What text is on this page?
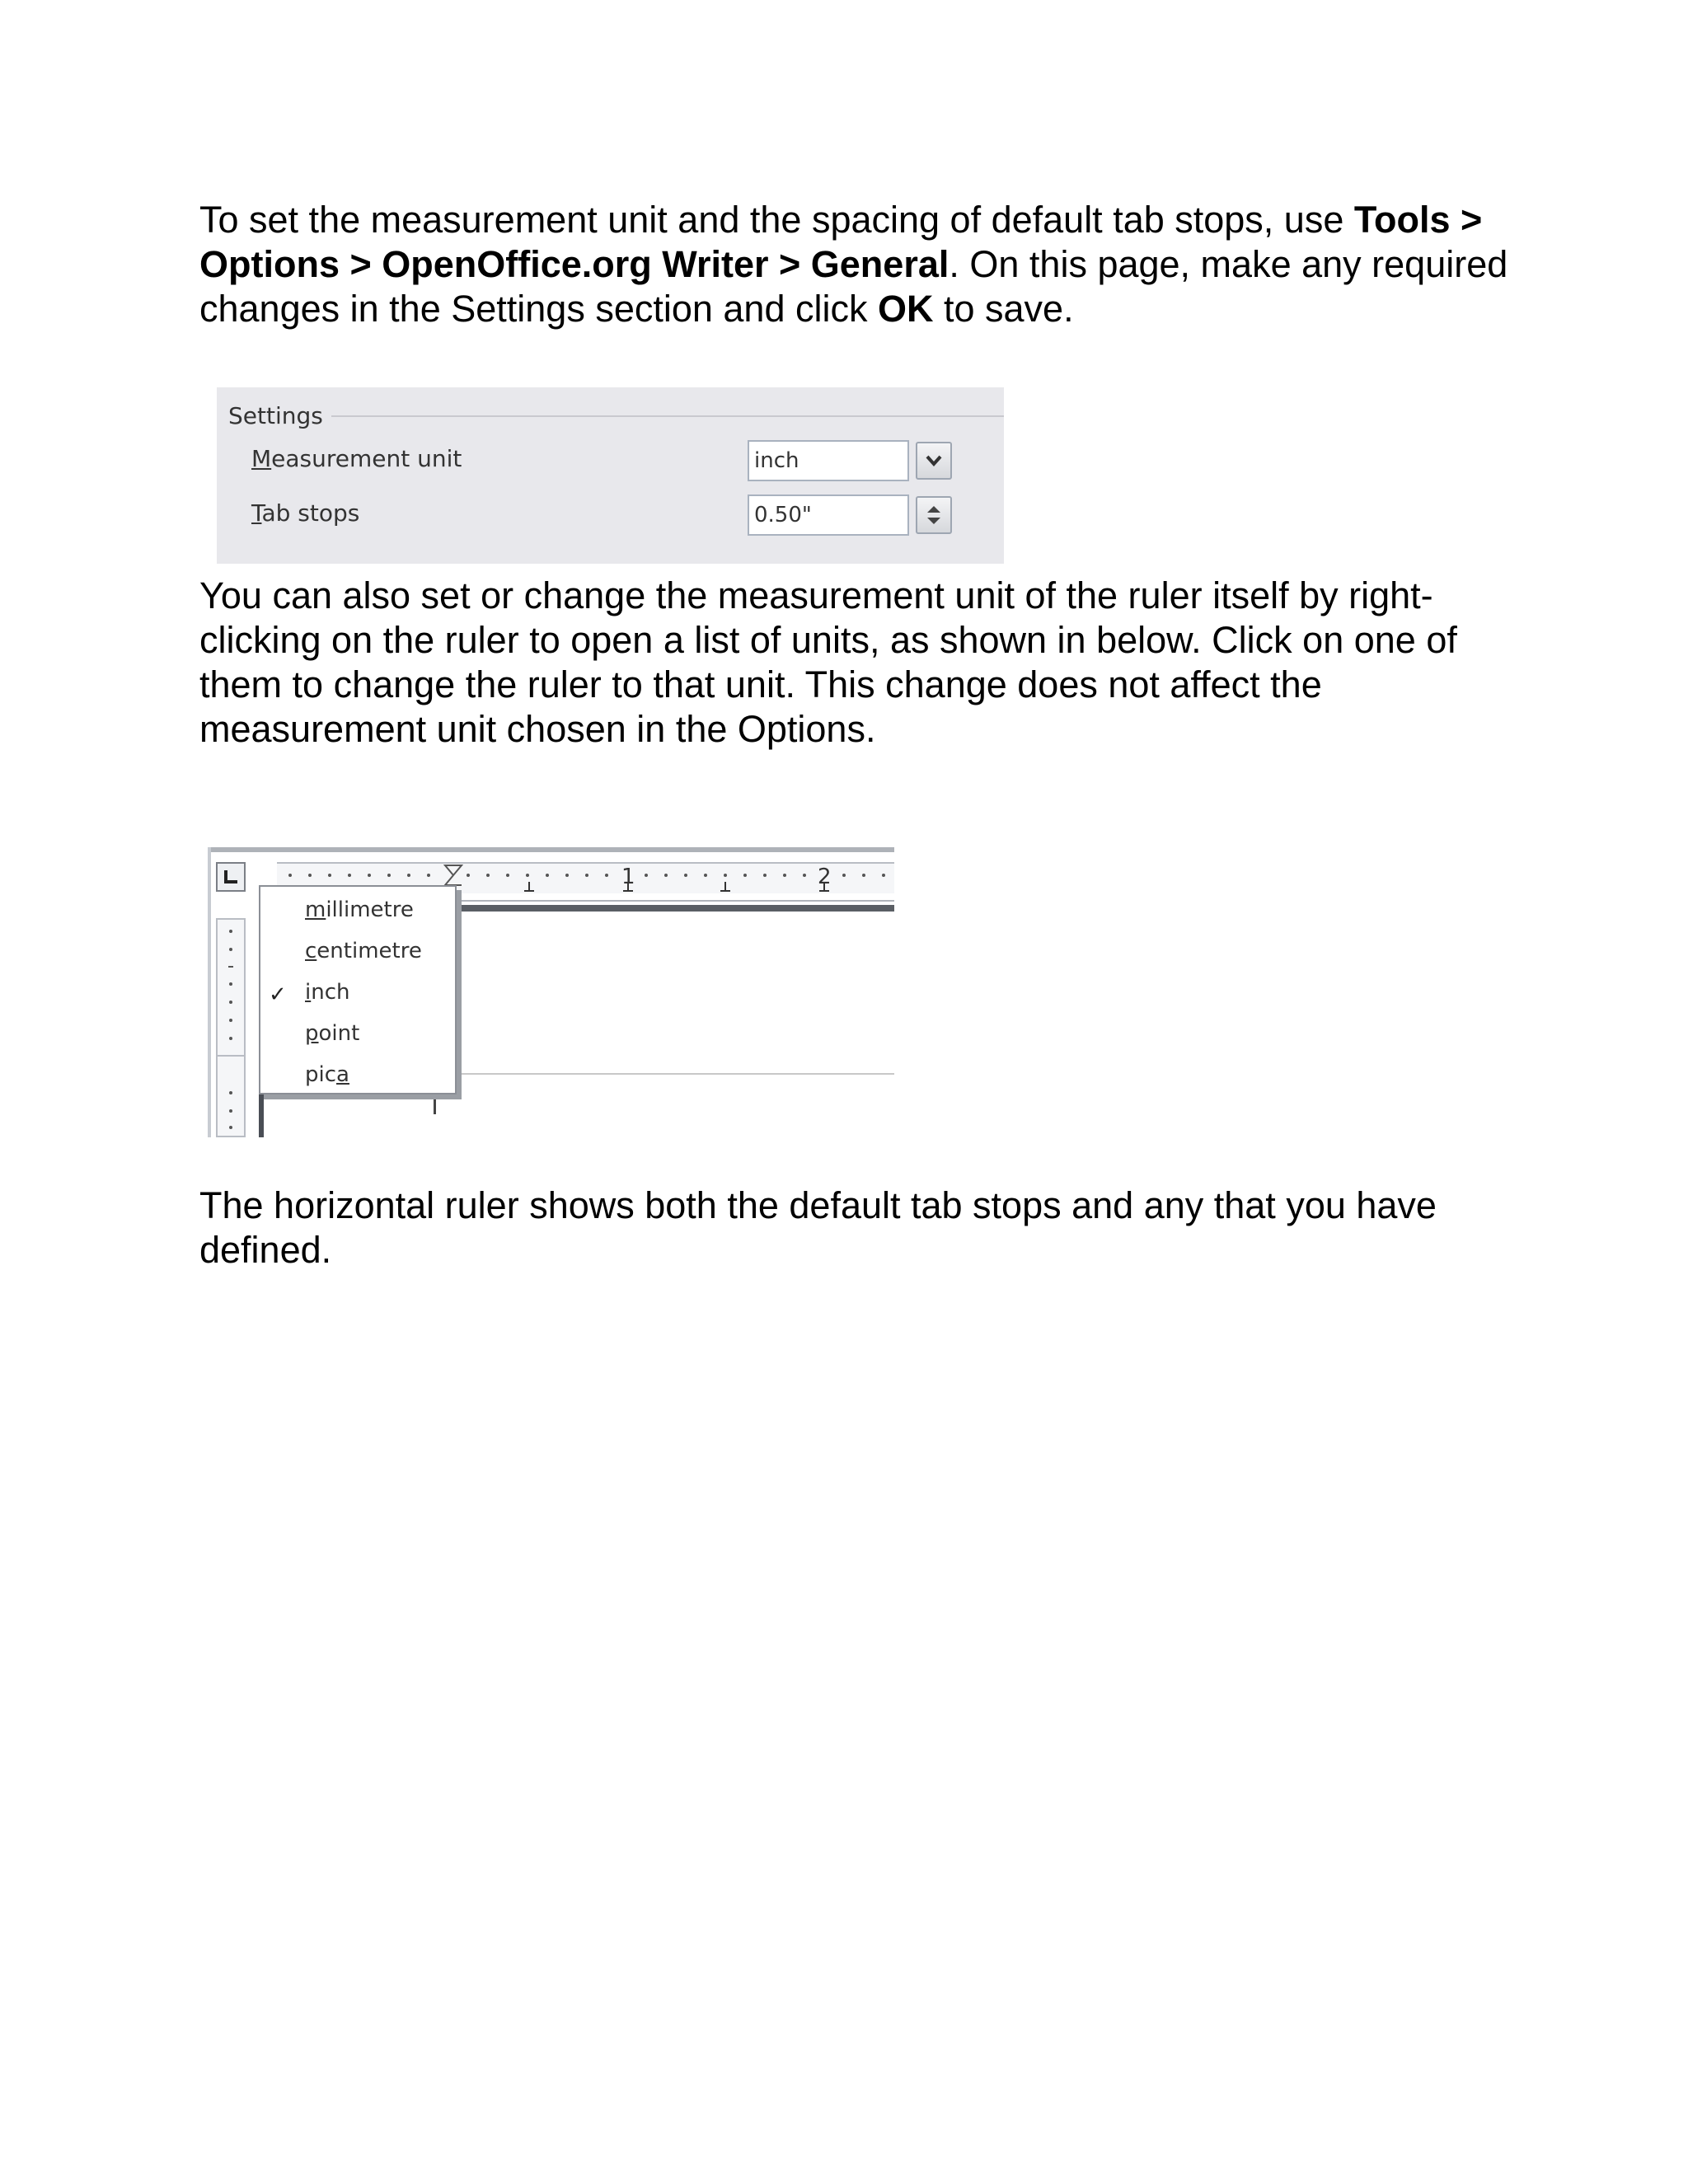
To set the measurement unit and the spacing of default tab stops, use Tools > Options > OpenOffice.org Writer > General. On this page, make any required changes in the Settings section and click OK to save.

Settings
Measurement unit	inch
Tab stops	0.50"

You can also set or change the measurement unit of the ruler itself by right-clicking on the ruler to open a list of units, as shown in below. Click on one of them to change the ruler to that unit. This change does not affect the measurement unit chosen in the Options.

1	2
millimetre
centimetre
✓ inch
point
pica

The horizontal ruler shows both the default tab stops and any that you have defined.
